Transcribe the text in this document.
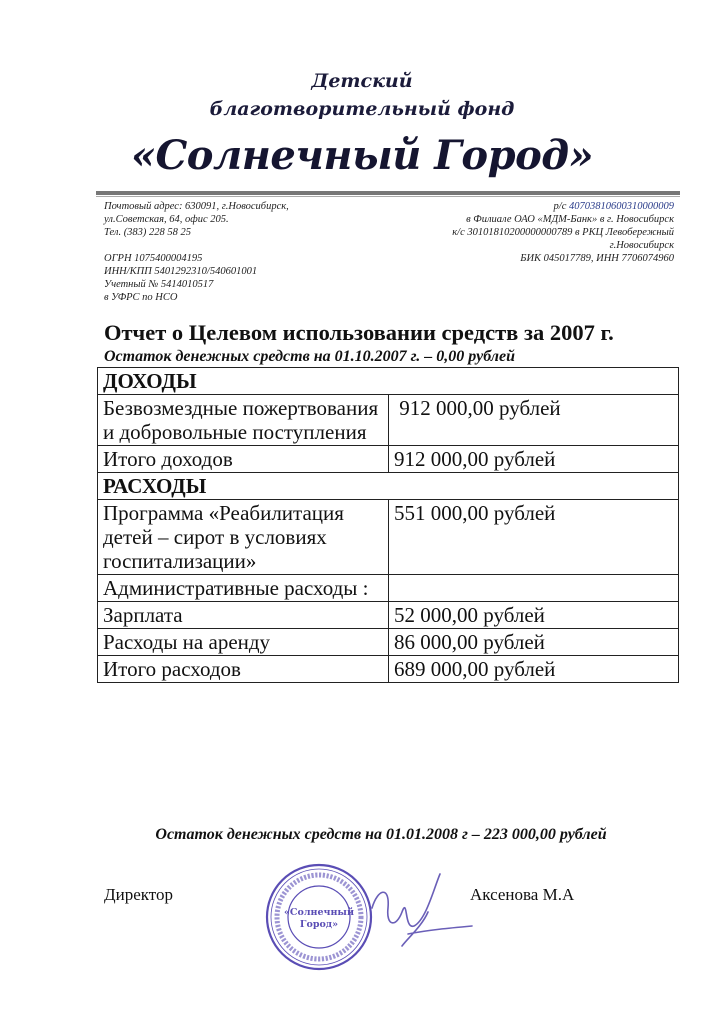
Детский
благотворительный фонд
«Солнечный Город»
Почтовый адрес: 630091, г.Новосибирск,
ул.Советская, 64, офис 205.
Тел. (383) 228 58 25

ОГРН 1075400004195
ИНН/КПП 5401292310/540601001
Учетный № 5414010517
в УФРС по НСО
р/с 40703810600310000009
в Филиале ОАО «МДМ-Банк» в г. Новосибирск
к/с 30101810200000000789 в РКЦ Левобережный
г.Новосибирск
БИК 045017789, ИНН 7706074960
Отчет о Целевом использовании средств за 2007 г.
Остаток денежных средств на 01.10.2007 г. – 0,00 рублей
ДОХОДЫ	
Безвозмездные пожертвования и добровольные поступления	912 000,00 рублей
Итого доходов	912 000,00 рублей
РАСХОДЫ	
Программа «Реабилитация детей – сирот в условиях госпитализации»	551 000,00 рублей
Административные расходы :	
Зарплата	52 000,00 рублей
Расходы на аренду	86 000,00 рублей
Итого расходов	689 000,00 рублей
Остаток денежных средств на 01.01.2008 г – 223 000,00 рублей
Директор	Аксенова М.А
«Солнечный
Город»
